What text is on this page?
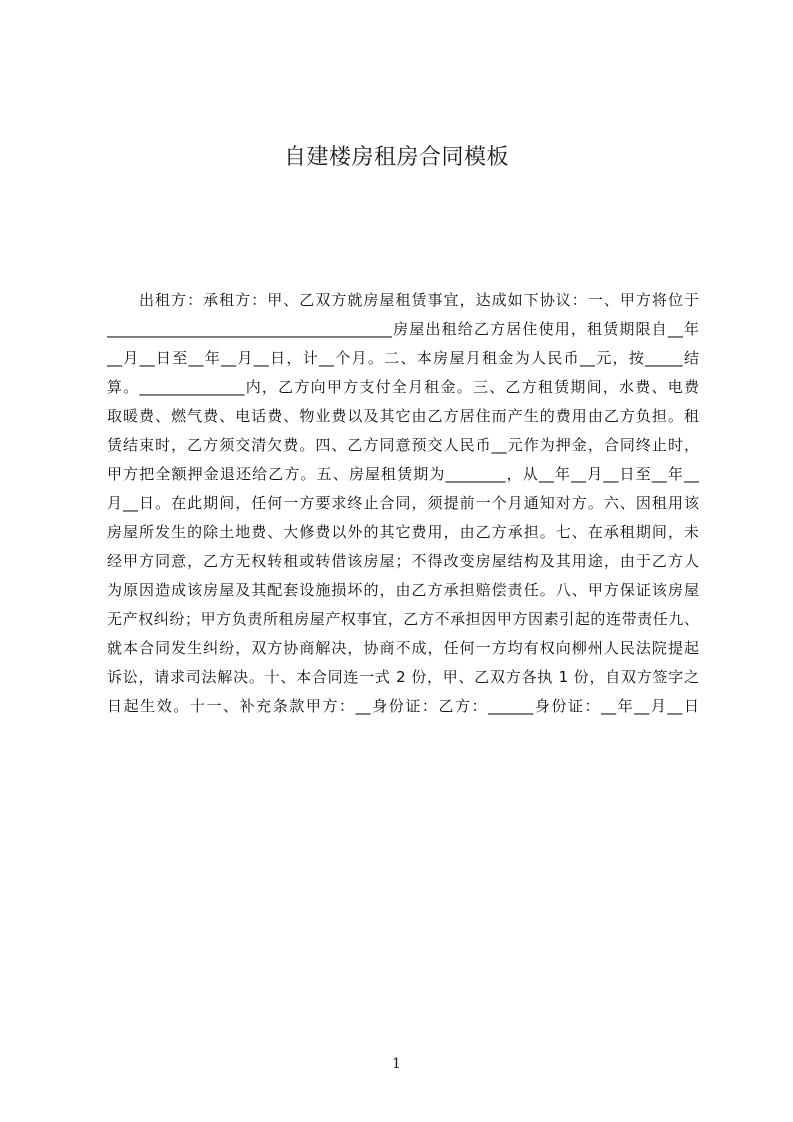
自建楼房租房合同模板
出租方：承租方：甲、乙双方就房屋租赁事宜，达成如下协议：一、甲方将位于
______________________________________房屋出租给乙方居住使用，租赁期限自__年
__月__日至__年__月__日，计__个月。二、本房屋月租金为人民币__元，按_____结
算。______________内，乙方向甲方支付全月租金。三、乙方租赁期间，水费、电费
取暖费、燃气费、电话费、物业费以及其它由乙方居住而产生的费用由乙方负担。租
赁结束时，乙方须交清欠费。四、乙方同意预交人民币__元作为押金，合同终止时，
甲方把全额押金退还给乙方。五、房屋租赁期为________，从__年__月__日至__年__
月__日。在此期间，任何一方要求终止合同，须提前一个月通知对方。六、因租用该
房屋所发生的除土地费、大修费以外的其它费用，由乙方承担。七、在承租期间，未
经甲方同意，乙方无权转租或转借该房屋；不得改变房屋结构及其用途，由于乙方人
为原因造成该房屋及其配套设施损坏的，由乙方承担赔偿责任。八、甲方保证该房屋
无产权纠纷；甲方负责所租房屋产权事宜，乙方不承担因甲方因素引起的连带责任九、
就本合同发生纠纷，双方协商解决，协商不成，任何一方均有权向柳州人民法院提起
诉讼，请求司法解决。十、本合同连一式 2 份，甲、乙双方各执 1 份，自双方签字之
日起生效。十一、补充条款甲方：__身份证：乙方：______身份证：__年__月__日
1
